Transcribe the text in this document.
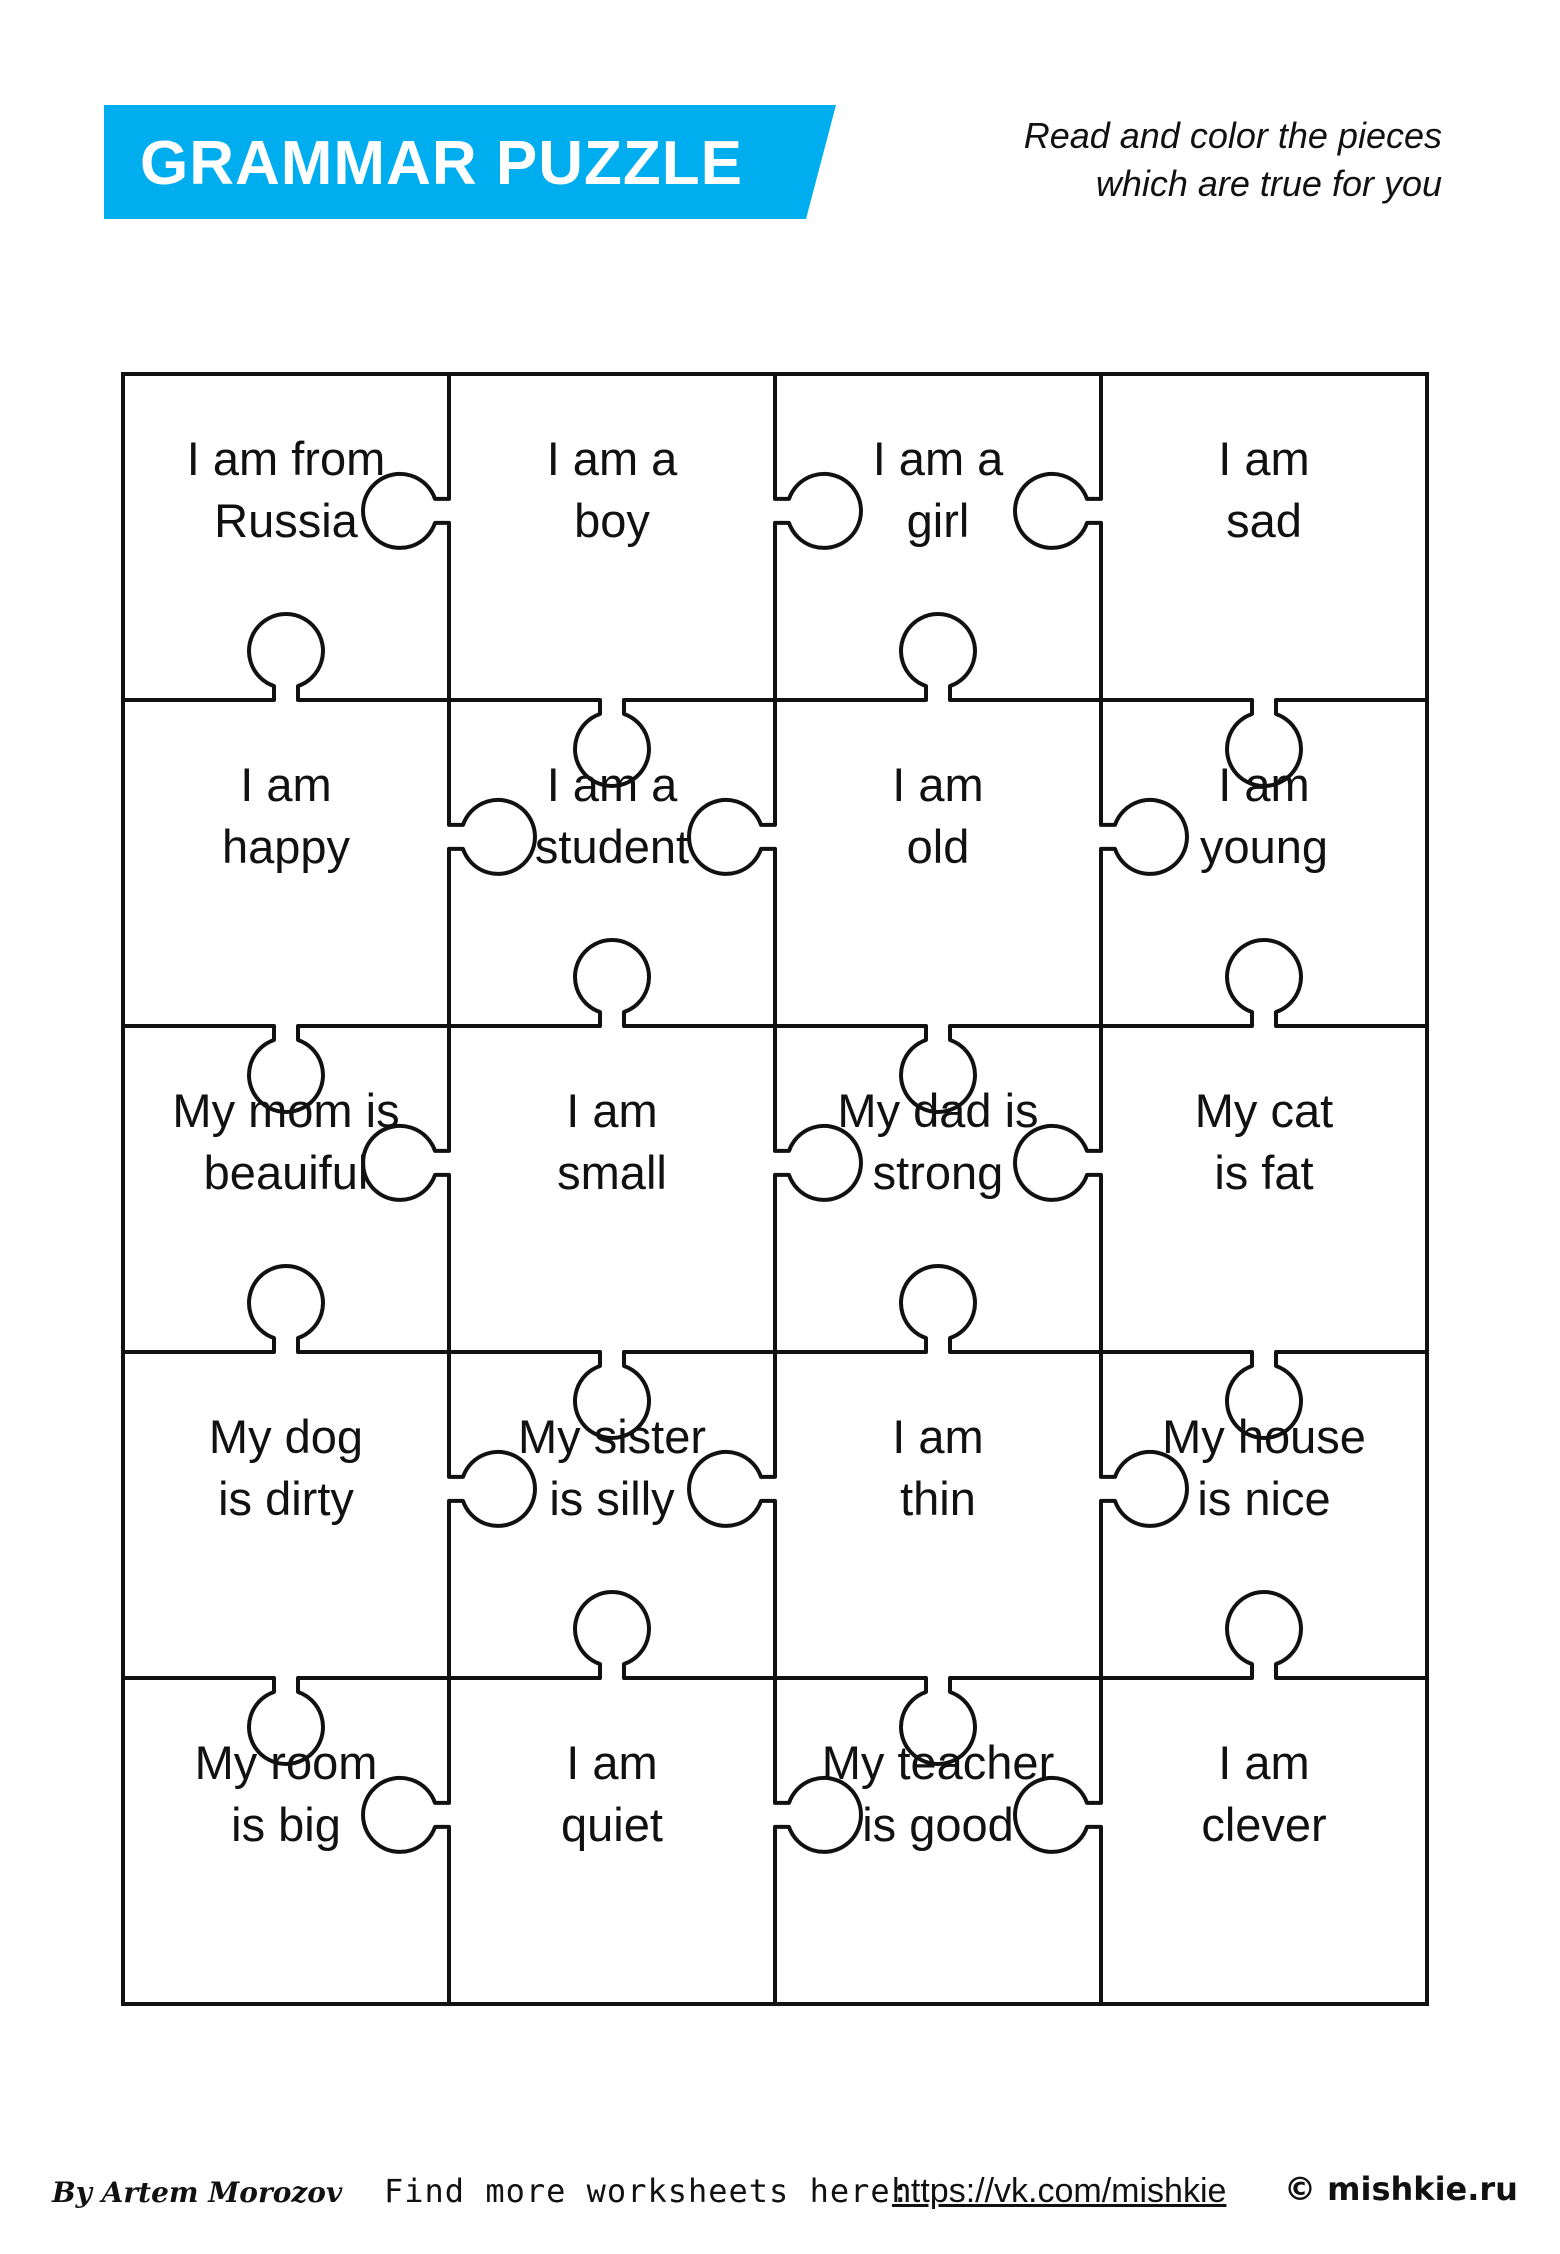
GRAMMAR PUZZLE	Read and color the pieces
which are true for you
I am from
Russia
I am a
boy
I am a
girl
I am
sad
I am
happy
I am a
student
I am
old
I am
young
My mom is
beauiful
I am
small
My dad is
strong
My cat
is fat
My dog
is dirty
My sister
is silly
I am
thin
My house
is nice
My room
is big
I am
quiet
My teacher
is good
I am
clever
By Artem Morozov Find more worksheets here:
https://vk.com/mishkie © mishkie.ru
